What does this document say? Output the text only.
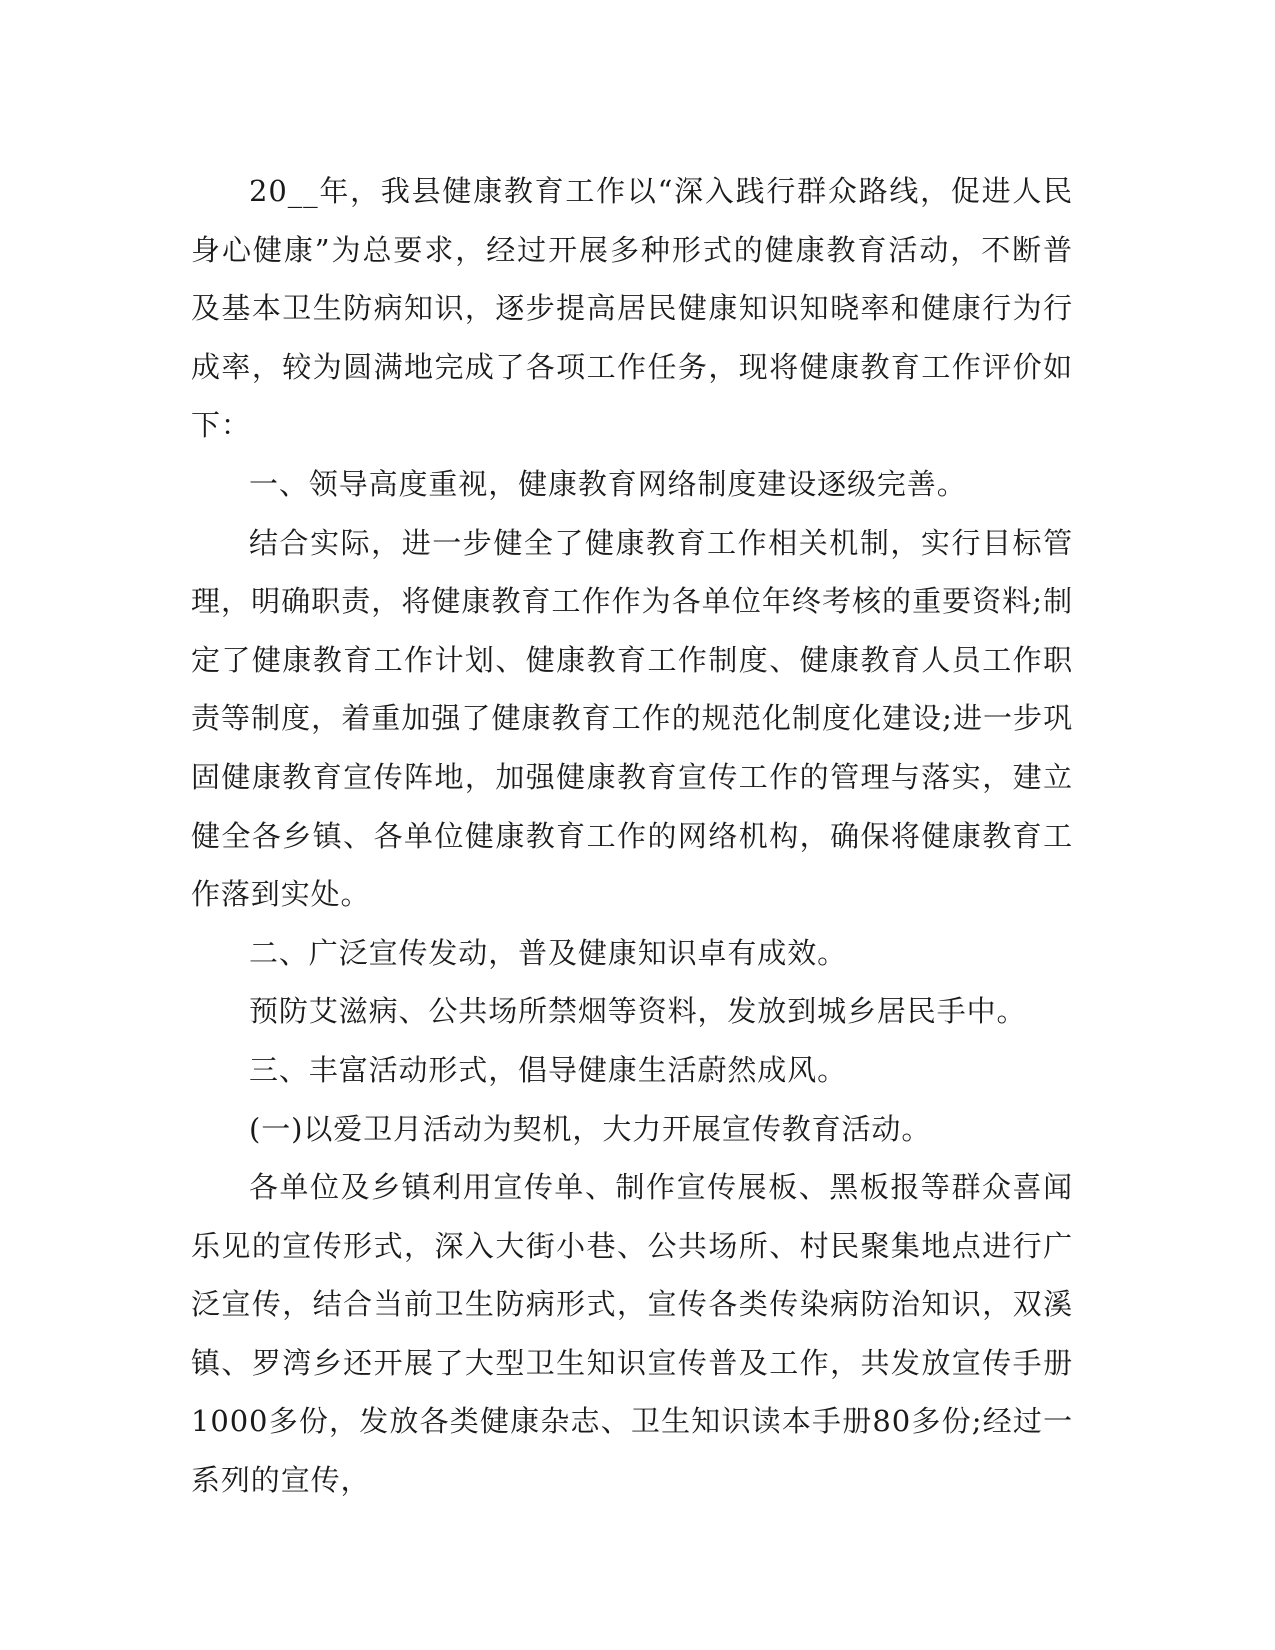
20__年，我县健康教育工作以“深入践行群众路线，促进人民身心健康”为总要求，经过开展多种形式的健康教育活动，不断普及基本卫生防病知识，逐步提高居民健康知识知晓率和健康行为行成率，较为圆满地完成了各项工作任务，现将健康教育工作评价如下：

一、领导高度重视，健康教育网络制度建设逐级完善。

结合实际，进一步健全了健康教育工作相关机制，实行目标管理，明确职责，将健康教育工作作为各单位年终考核的重要资料;制定了健康教育工作计划、健康教育工作制度、健康教育人员工作职责等制度，着重加强了健康教育工作的规范化制度化建设;进一步巩固健康教育宣传阵地，加强健康教育宣传工作的管理与落实，建立健全各乡镇、各单位健康教育工作的网络机构，确保将健康教育工作落到实处。

二、广泛宣传发动，普及健康知识卓有成效。

预防艾滋病、公共场所禁烟等资料，发放到城乡居民手中。

三、丰富活动形式，倡导健康生活蔚然成风。

(一)以爱卫月活动为契机，大力开展宣传教育活动。

各单位及乡镇利用宣传单、制作宣传展板、黑板报等群众喜闻乐见的宣传形式，深入大街小巷、公共场所、村民聚集地点进行广泛宣传，结合当前卫生防病形式，宣传各类传染病防治知识，双溪镇、罗湾乡还开展了大型卫生知识宣传普及工作，共发放宣传手册1000多份，发放各类健康杂志、卫生知识读本手册80多份;经过一系列的宣传，
